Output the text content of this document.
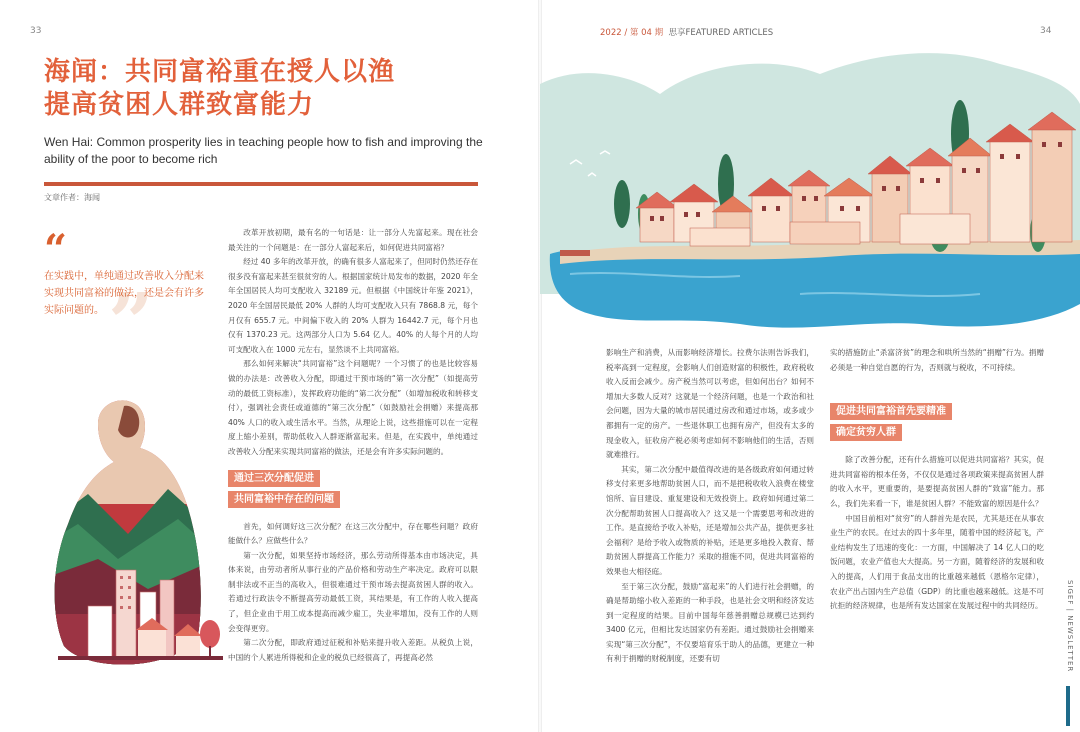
33
海闻：共同富裕重在授人以渔
提高贫困人群致富能力
Wen Hai: Common prosperity lies in teaching people how to fish and improving the ability of the poor to become rich
文章作者：海闻
”
“
在实践中，单纯通过改善收入分配来实现共同富裕的做法，还是会有许多实际问题的。

改革开放初期，最有名的一句话是：让一部分人先富起来。现在社会最关注的一个问题是：在一部分人富起来后，如何促进共同富裕？

经过 40 多年的改革开放，的确有很多人富起来了，但同时仍然还存在很多没有富起来甚至很贫穷的人。根据国家统计局发布的数据，2020 年全年全国居民人均可支配收入 32189 元。但根据《中国统计年鉴 2021》，2020 年全国居民最低 20% 人群的人均可支配收入只有 7868.8 元，每个月仅有 655.7 元。中间偏下收入的 20% 人群为 16442.7 元，每个月也仅有 1370.23 元。这两部分人口为 5.64 亿人。40% 的人每个月的人均可支配收入在 1000 元左右，显然谈不上共同富裕。

那么如何来解决“共同富裕”这个问题呢？一个习惯了的也是比较容易做的办法是：改善收入分配，即通过干预市场的“第一次分配”（如提高劳动的最低工资标准），发挥政府功能的“第二次分配”（如增加税收和转移支付），强调社会责任或道德的“第三次分配”（如鼓励社会捐赠）来提高那 40% 人口的收入或生活水平。当然，从理论上说，这些措施可以在一定程度上缩小差别，帮助低收入人群逐渐富起来。但是，在实践中，单纯通过改善收入分配来实现共同富裕的做法，还是会有许多实际问题的。

通过三次分配促进
共同富裕中存在的问题

首先，如何调好这三次分配？在这三次分配中，存在哪些问题？政府能做什么？应做些什么？

第一次分配，如果坚持市场经济，那么劳动所得基本由市场决定，具体来说，由劳动者所从事行业的产品价格和劳动生产率决定。政府可以限制非法或不正当的高收入，但很难通过干预市场去提高贫困人群的收入。若通过行政法令不断提高劳动最低工资，其结果是，有工作的人收入提高了，但企业由于用工成本提高而减少雇工，失业率增加，没有工作的人则会变得更穷。

第二次分配，即政府通过征税和补贴来提升收入差距。从税负上说，中国的个人累进所得税和企业的税负已经很高了，再提高必然

2022 / 第 04 期 思享FEATURED ARTICLES	34

影响生产和消费，从而影响经济增长。拉费尔法则告诉我们，税率高到一定程度，会影响人们创造财富的积极性，政府税收收入反而会减少。房产税当然可以考虑，但如何出台？如何不增加大多数人反对？这就是一个经济问题，也是一个政治和社会问题，因为大量的城市居民通过房改和通过市场，或多或少都拥有一定的房产。一些退休职工也拥有房产，但没有太多的现金收入，征收房产税必须考虑如何不影响他们的生活，否则就难推行。

其实，第二次分配中最值得改进的是各级政府如何通过转移支付来更多地帮助贫困人口，而不是把税收收入浪费在楼堂馆所、盲目建设、重复建设和无效投资上。政府如何通过第二次分配帮助贫困人口提高收入？这又是一个需要思考和改进的工作。是直接给予收入补贴，还是增加公共产品，提供更多社会福利？是给予收入或物质的补贴，还是更多地投入教育、帮助贫困人群提高工作能力？采取的措施不同，促进共同富裕的效果也大相径庭。

至于第三次分配，鼓励“富起来”的人们进行社会捐赠，的确是帮助缩小收入差距的一种手段，也是社会文明和经济发达到一定程度的结果。目前中国每年慈善捐赠总规模已达到约 3400 亿元，但相比发达国家仍有差距。通过鼓励社会捐赠来实现“第三次分配”，不仅要培育乐于助人的品德，更建立一种有利于捐赠的财税制度，还要有切

实的措施防止“杀富济贫”的理念和哄所当然的“捐赠”行为。捐赠必须是一种自觉自愿的行为，否则就与税收，不可持续。

促进共同富裕首先要精准
确定贫穷人群

除了改善分配，还有什么措施可以促进共同富裕？其实，促进共同富裕的根本任务，不仅仅是通过各项政策来提高贫困人群的收入水平，更重要的，是要提高贫困人群的“致富”能力。那么，我们先来看一下，谁是贫困人群？不能致富的原因是什么？

中国目前相对“贫穷”的人群首先是农民，尤其是还在从事农业生产的农民。在过去的四十多年里，随着中国的经济起飞，产业结构发生了迅速的变化：一方面，中国解决了 14 亿人口的吃饭问题，农业产值也大大提高。另一方面，随着经济的发展和收入的提高，人们用于食品支出的比重越来越低（恩格尔定律），农业产出占国内生产总值（GDP）的比重也越来越低。这是不可抗拒的经济规律，也是所有发达国家在发展过程中的共同经历。	SIGEF | NEWSLETTER
